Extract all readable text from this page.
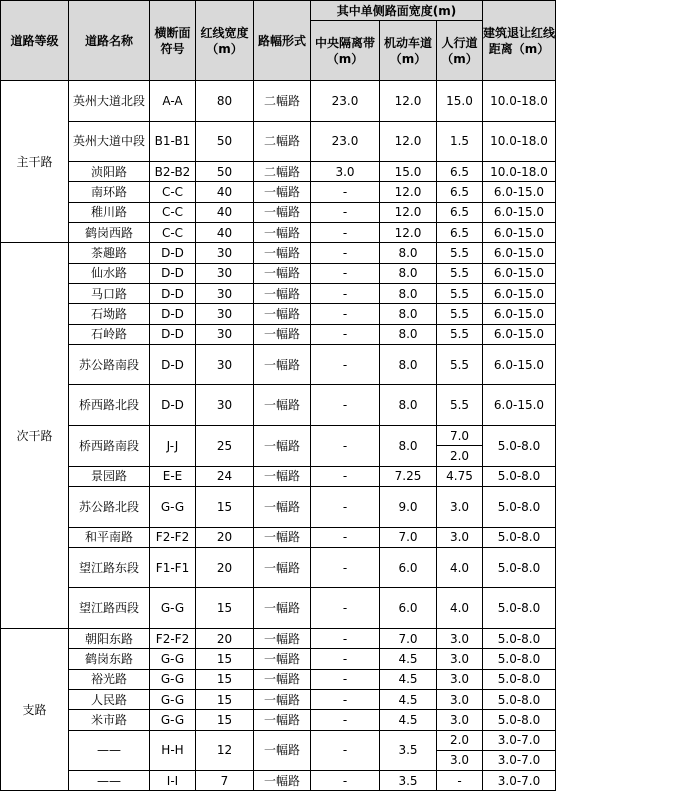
道路等级	道路名称	横断面符号	红线宽度（m）	路幅形式	其中单侧路面宽度(m)			建筑退让红线距离（m）
					中央隔离带（m）	机动车道（m）	人行道（m）	
主干路	英州大道北段	A-A	80	二幅路	23.0	12.0	15.0	10.0-18.0
	英州大道中段	B1-B1	50	二幅路	23.0	12.0	1.5	10.0-18.0
	浈阳路	B2-B2	50	二幅路	3.0	15.0	6.5	10.0-18.0
	南环路	C-C	40	一幅路	-	12.0	6.5	6.0-15.0
	稚川路	C-C	40	一幅路	-	12.0	6.5	6.0-15.0
	鹤岗西路	C-C	40	一幅路	-	12.0	6.5	6.0-15.0
次干路	茶趣路	D-D	30	一幅路	-	8.0	5.5	6.0-15.0
	仙水路	D-D	30	一幅路	-	8.0	5.5	6.0-15.0
	马口路	D-D	30	一幅路	-	8.0	5.5	6.0-15.0
	石坳路	D-D	30	一幅路	-	8.0	5.5	6.0-15.0
	石岭路	D-D	30	一幅路	-	8.0	5.5	6.0-15.0
	苏公路南段	D-D	30	一幅路	-	8.0	5.5	6.0-15.0
	桥西路北段	D-D	30	一幅路	-	8.0	5.5	6.0-15.0
	桥西路南段	J-J	25	一幅路	-	8.0	7.0	5.0-8.0
							2.0	
	景园路	E-E	24	一幅路	-	7.25	4.75	5.0-8.0
	苏公路北段	G-G	15	一幅路	-	9.0	3.0	5.0-8.0
	和平南路	F2-F2	20	一幅路	-	7.0	3.0	5.0-8.0
	望江路东段	F1-F1	20	一幅路	-	6.0	4.0	5.0-8.0
	望江路西段	G-G	15	一幅路	-	6.0	4.0	5.0-8.0
支路	朝阳东路	F2-F2	20	一幅路	-	7.0	3.0	5.0-8.0
	鹤岗东路	G-G	15	一幅路	-	4.5	3.0	5.0-8.0
	裕光路	G-G	15	一幅路	-	4.5	3.0	5.0-8.0
	人民路	G-G	15	一幅路	-	4.5	3.0	5.0-8.0
	米市路	G-G	15	一幅路	-	4.5	3.0	5.0-8.0
	——	H-H	12	一幅路	-	3.5	2.0	3.0-7.0
							3.0	3.0-7.0
	——	I-I	7	一幅路	-	3.5	-	3.0-7.0
